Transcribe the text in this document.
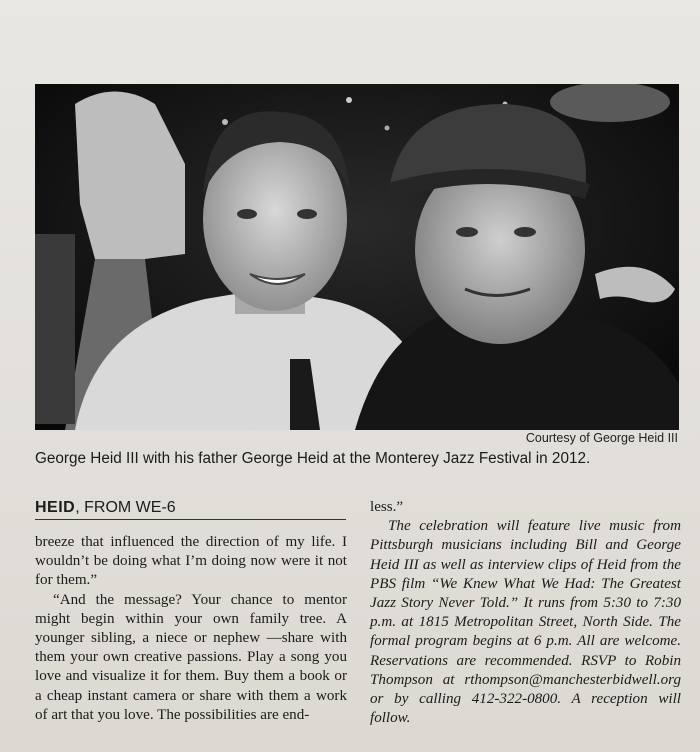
Courtesy of George Heid III
George Heid III with his father George Heid at the Monterey Jazz Festival in 2012.
HEID, FROM WE-6

breeze that influenced the direction of my life. I wouldn’t be doing what I’m doing now were it not for them.”

“And the message? Your chance to mentor might begin within your own family tree. A younger sibling, a niece or nephew —share with them your own creative passions. Play a song you love and visualize it for them. Buy them a book or a cheap instant camera or share with them a work of art that you love. The possibilities are end-

less.”

The celebration will feature live music from Pittsburgh musicians including Bill and George Heid III as well as interview clips of Heid from the PBS film “We Knew What We Had: The Greatest Jazz Story Never Told.” It runs from 5:30 to 7:30 p.m. at 1815 Metropolitan Street, North Side. The formal program begins at 6 p.m. All are welcome. Reservations are recommended. RSVP to Robin Thompson at rthompson@manchesterbidwell.org or by calling 412-322-0800. A reception will follow.
